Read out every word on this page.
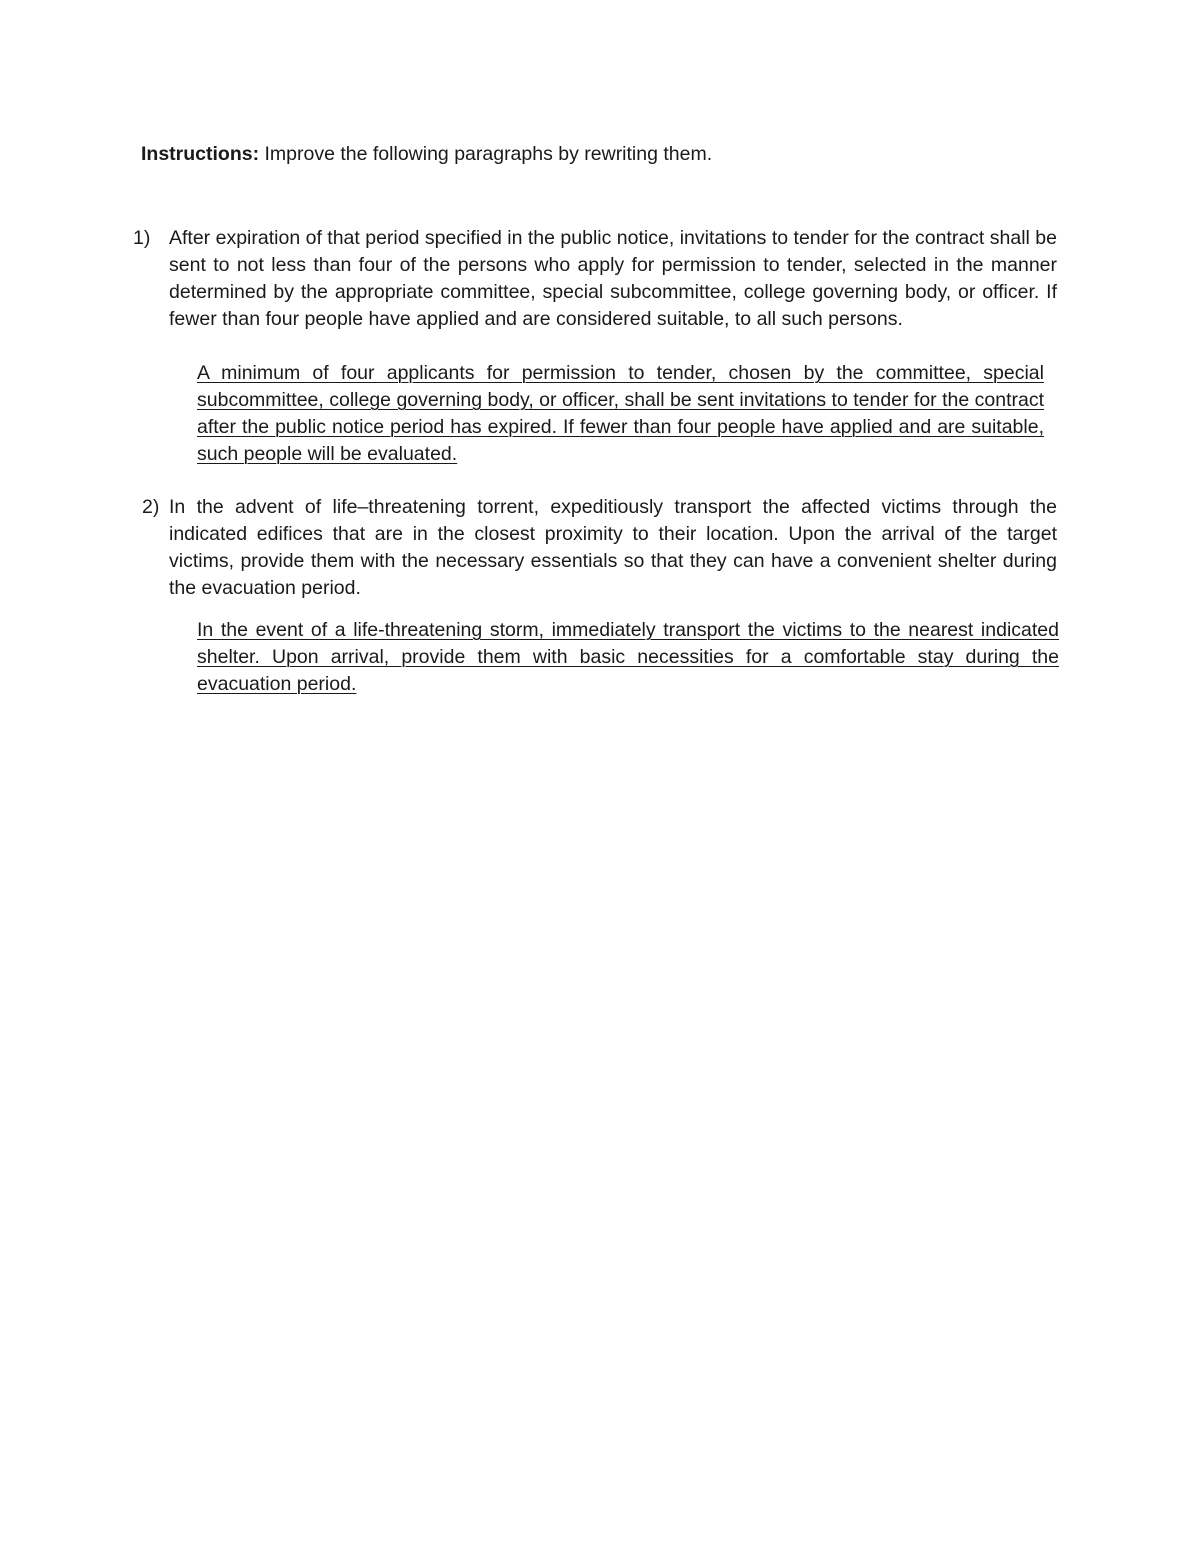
Instructions: Improve the following paragraphs by rewriting them.
1) After expiration of that period specified in the public notice, invitations to tender for the contract shall be sent to not less than four of the persons who apply for permission to tender, selected in the manner determined by the appropriate committee, special subcommittee, college governing body, or officer. If fewer than four people have applied and are considered suitable, to all such persons.
A minimum of four applicants for permission to tender, chosen by the committee, special subcommittee, college governing body, or officer, shall be sent invitations to tender for the contract after the public notice period has expired. If fewer than four people have applied and are suitable, such people will be evaluated.
2) In the advent of life–threatening torrent, expeditiously transport the affected victims through the indicated edifices that are in the closest proximity to their location. Upon the arrival of the target victims, provide them with the necessary essentials so that they can have a convenient shelter during the evacuation period.
In the event of a life-threatening storm, immediately transport the victims to the nearest indicated shelter. Upon arrival, provide them with basic necessities for a comfortable stay during the evacuation period.
